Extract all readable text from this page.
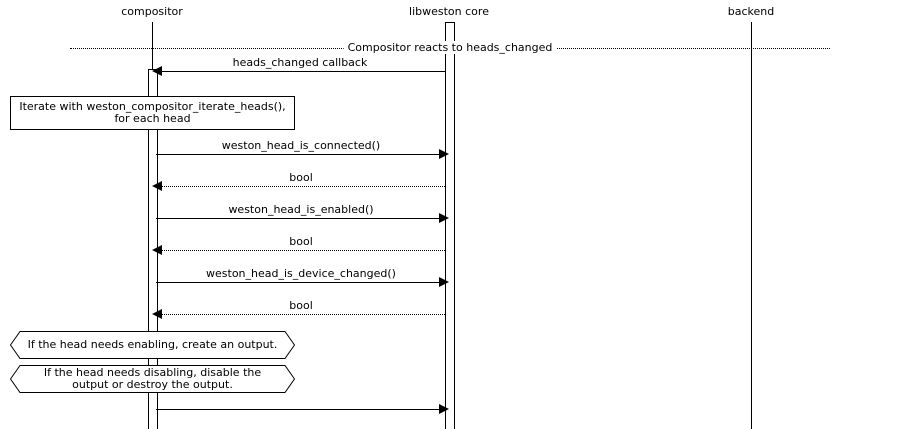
compositor	libweston core	backend
Compositor reacts to heads_changed
heads_changed callback
Iterate with weston_compositor_iterate_heads(), for each head
weston_head_is_connected()
bool
weston_head_is_enabled()
bool
weston_head_is_device_changed()
bool
If the head needs enabling, create an output.
If the head needs disabling, disable the output or destroy the output.
